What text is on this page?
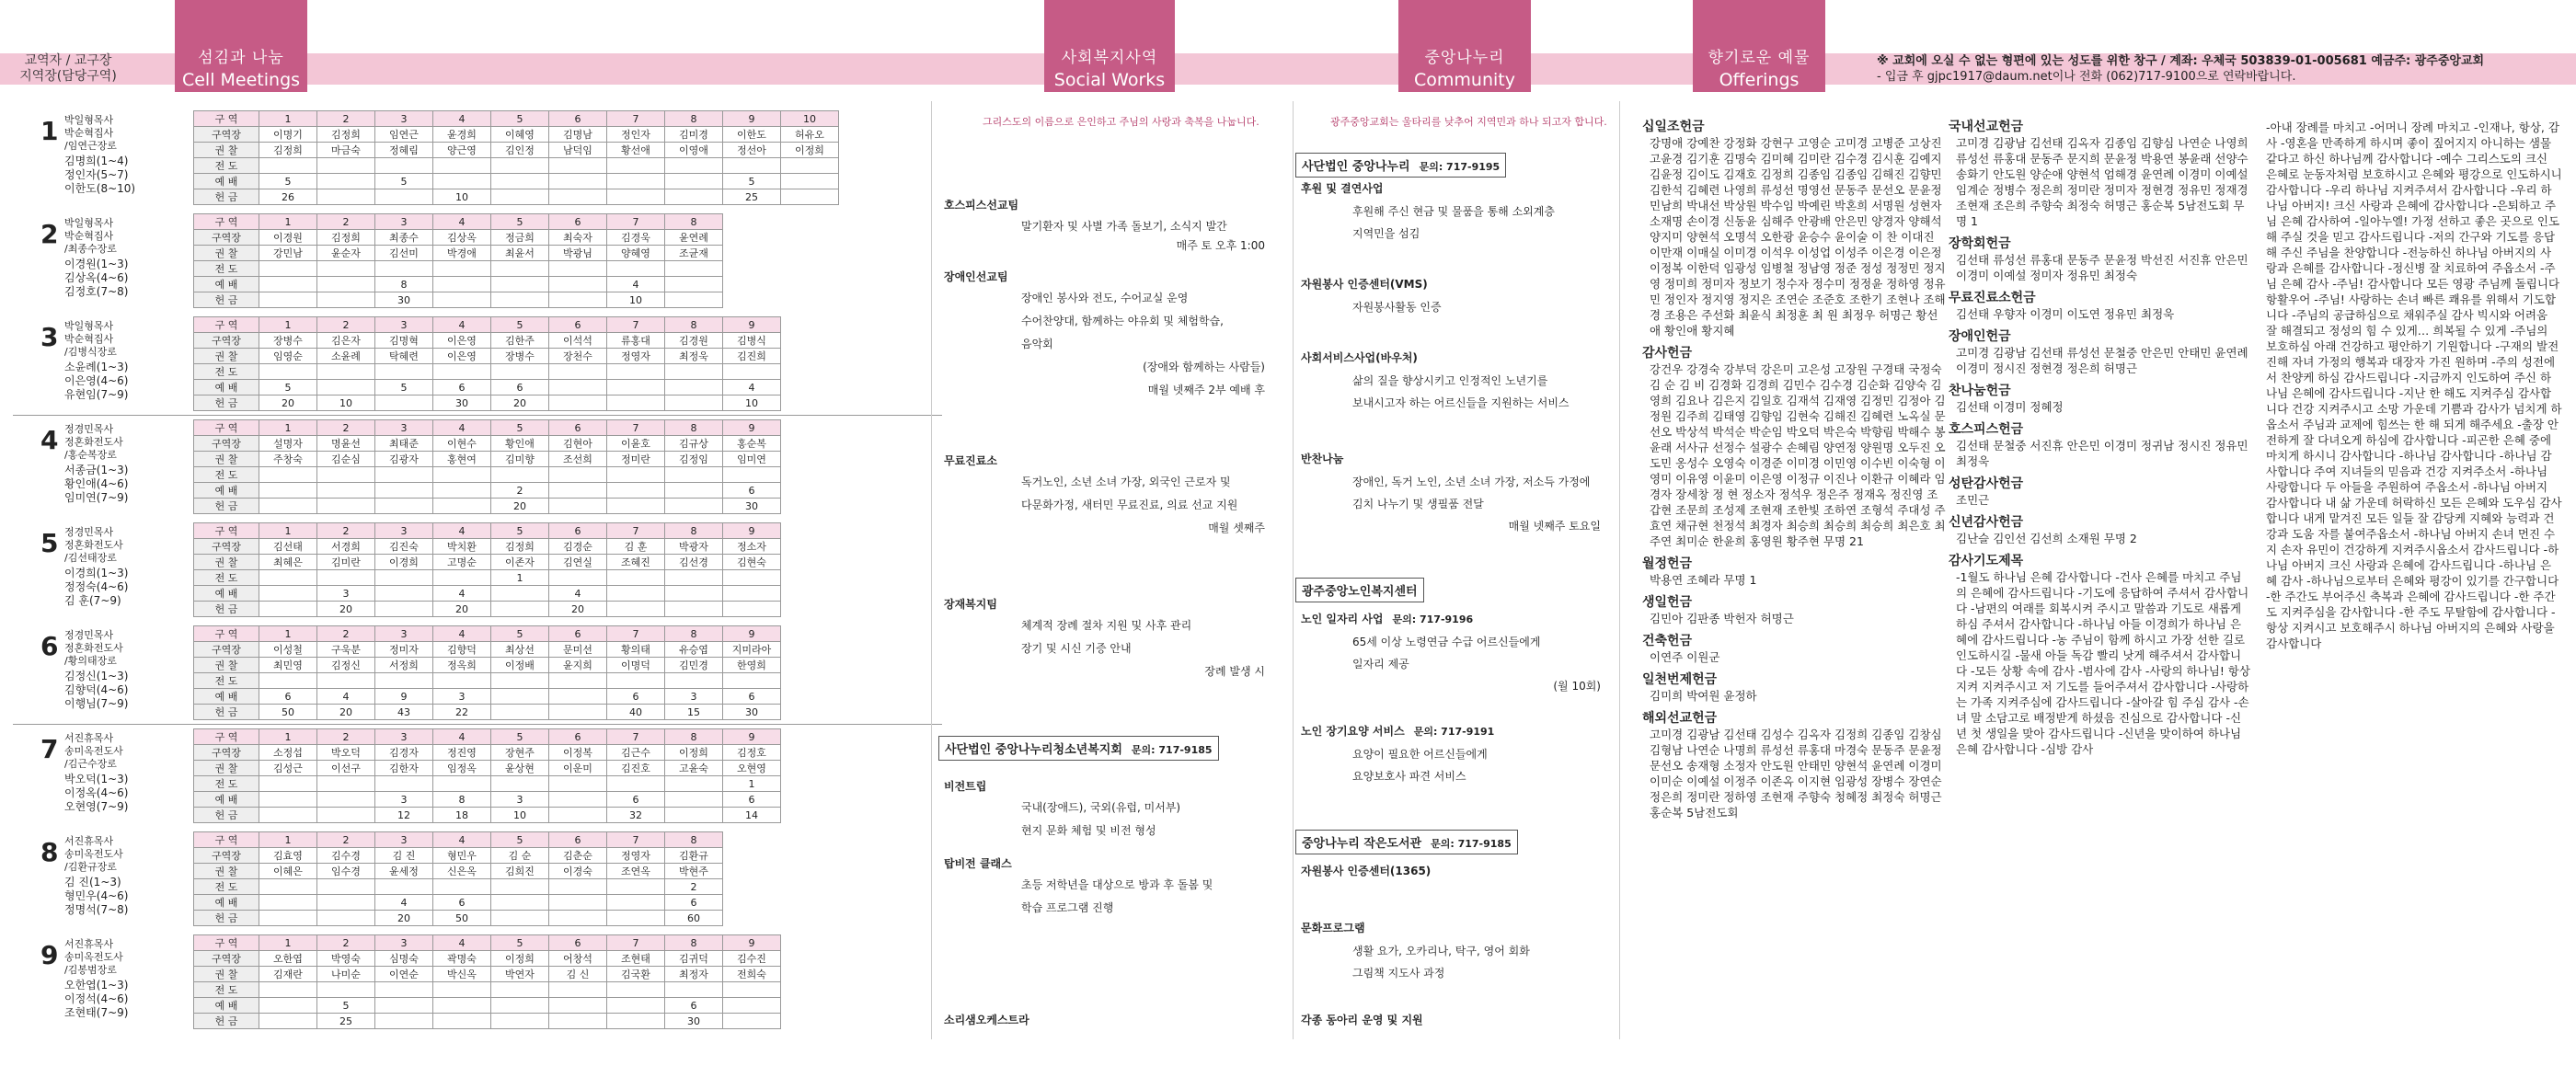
교역자 / 교구장
지역장(담당구역)
섬김과 나눔
Cell Meetings
사회복지사역
Social Works
중앙나누리
Community Center
향기로운 예물
Offerings
※ 교회에 오실 수 없는 형편에 있는 성도를 위한 창구 / 계좌: 우체국 503839-01-005681 예금주: 광주중앙교회
- 입금 후 gjpc1917@daum.net이나 전화 (062)717-9100으로 연락바랍니다.
1 박일형목사
박순혁집사
/임연근장로
김명희(1~4)
정인자(5~7)
이한도(8~10)
구 역	1	2	3	4	5	6	7	8	9	10
구역장	이명기	김정희	임연근	윤경희	이혜영	김명남	정인자	김미경	이한도	허유오
권 찰	김정희	마금숙	정혜림	양근영	김인정	남덕임	황선애	이영애	정선아	이정희
전 도										
예 배	5		5						5	
헌 금	26			10					25	
2 박일형목사
박순혁집사
/최종수장로
이경원(1~3)
김상옥(4~6)
김정호(7~8)
구 역	1	2	3	4	5	6	7	8
구역장	이경원	김정희	최종수	김상옥	정금희	최숙자	김경욱	윤연례
권 찰	강민남	윤순자	김선미	박경애	최윤서	박광님	양혜영	조균재
전 도								
예 배			8				4	
헌 금			30				10	
3 박일형목사
박순혁집사
/김병식장로
소윤례(1~3)
이은영(4~6)
유현임(7~9)
구 역	1	2	3	4	5	6	7	8	9
구역장	장병수	김은자	김명혁	이은영	김한주	이석석	류홍대	김경원	김병식
권 찰	임영순	소윤례	탁혜련	이은영	장병수	장천수	정영자	최정욱	김진희
전 도									
예 배	5		5	6	6				4
헌 금	20	10		30	20				10
4 정경민목사
정혼화전도사
/홍순복장로
서종금(1~3)
황인애(4~6)
임미연(7~9)
구 역	1	2	3	4	5	6	7	8	9
구역장	설명자	명윤선	최태준	이현수	황인애	김현아	이윤호	김규상	홍순복
권 찰	주창숙	김순심	김광자	홍현여	김미향	조선희	정미란	김정임	임미연
전 도									
예 배					2				6
헌 금					20				30
5 정경민목사
정혼화전도사
/김선태장로
이경희(1~3)
정정숙(4~6)
김 훈(7~9)
구 역	1	2	3	4	5	6	7	8	9
구역장	김선태	서경희	김진숙	박치환	김정희	김경순	김 훈	박광자	정소자
권 찰	최혜은	김미란	이경희	고명순	이존자	김연실	조혜진	김선경	김현숙
전 도					1				
예 배		3		4		4			
헌 금		20		20		20			
6 정경민목사
정혼화전도사
/황의태장로
김정신(1~3)
김향덕(4~6)
이행님(7~9)
구 역	1	2	3	4	5	6	7	8	9
구역장	이성철	구욱분	정미자	김향덕	최상선	문미선	황의태	유승엽	지미라아
권 찰	최민영	김정신	서정희	정옥희	이정배	윤지희	이명덕	김민경	한영희
전 도									
예 배	6	4	9	3			6	3	6
헌 금	50	20	43	22			40	15	30
7 서진휴목사
송미옥전도사
/김근수장로
박오덕(1~3)
이정옥(4~6)
오현영(7~9)
구 역	1	2	3	4	5	6	7	8	9
구역장	소정섭	박오덕	김경자	정진영	장현주	이정복	김근수	이정희	김정호
권 찰	김성근	이선구	김한자	임정옥	윤상현	이운미	김진호	고윤숙	오현영
전 도									1
예 배			3	8	3		6		6
헌 금			12	18	10		32		14
8 서진휴목사
송미옥전도사
/김환규장로
김 진(1~3)
형민우(4~6)
정명석(7~8)
구 역	1	2	3	4	5	6	7	8
구역장	김효영	김수경	김 진	형민우	김 순	김춘순	정영자	김환규
권 찰	이혜은	임수경	윤세정	신은옥	김희진	이경숙	조연옥	박현주
전 도								2
예 배			4	6				6
헌 금			20	50				60
9 서진휴목사
송미옥전도사
/김봉범장로
오한엽(1~3)
이정석(4~6)
조현태(7~9)
구 역	1	2	3	4	5	6	7	8	9
구역장	오한엽	박영숙	심명숙	곽명숙	이정희	어창석	조현태	김귀덕	김수진
권 찰	김재란	나미순	이연순	박신옥	박연자	김 신	김국환	최정자	전희숙
전 도									
예 배		5						6	
헌 금		25						30	
그리스도의 이름으로 은인하고 주님의 사랑과 축복을 나눕니다.
호스피스선교팀
말기환자 및 사별 가족 돌보기, 소식지 발간
매주 토 오후 1:00
장애인선교팀
장애인 봉사와 전도, 수어교실 운영
수어찬양대, 함께하는 야유회 및 체험학습,
음악회
(장애와 함께하는 사람들)
매월 넷째주 2부 예배 후
무료진료소
독거노인, 소년 소녀 가장, 외국인 근로자 및
다문화가정, 새터민 무료진료, 의료 선교 지원
매월 셋째주
장재복지팀
체계적 장례 절차 지원 및 사후 관리
장기 및 시신 기증 안내
장례 발생 시
사단법인 중앙나누리청소년복지회 문의: 717-9185
비전트립
국내(장애드), 국외(유럽, 미서부)
현지 문화 체험 및 비전 형성
탑비전 클래스
초등 저학년을 대상으로 방과 후 돌봄 및
학습 프로그램 진행
소리샘오케스트라
광주중앙교회는 울타리를 낮추어 지역민과 하나 되고자 합니다.
사단법인 중앙나누리 문의: 717-9195
후원 및 결연사업
후원해 주신 현금 및 물품을 통해 소외계층
지역민을 섬김
자원봉사 인증센터(VMS)
자원봉사활동 인증
사회서비스사업(바우처)
삶의 질을 향상시키고 인정적인 노년기를
보내시고자 하는 어르신들을 지원하는 서비스
반찬나눔
장애인, 독거 노인, 소년 소녀 가장, 저소득 가정에
김치 나누기 및 생필품 전달
매월 넷째주 토요일
광주중앙노인복지센터
노인 일자리 사업 문의: 717-9196
65세 이상 노령연금 수급 어르신들에게
일자리 제공
(월 10회)
노인 장기요양 서비스 문의: 717-9191
요양이 필요한 어르신들에게
요양보호사 파견 서비스
중앙나누리 작은도서관 문의: 717-9185
자원봉사 인증센터(1365)
문화프로그램
생활 요가, 오카리나, 탁구, 영어 회화
그림책 지도사 과정
각종 동아리 운영 및 지원
십일조헌금
강명애 강예찬 강정화 강현구 고영순 고미경 고병준 고상진 고윤경 김기훈 김명숙 김미혜 김미란 김수경 김시훈 김예지 김윤정 김이도 김재호 김정희 김종임 김종임 김해진 김향민 김한석 김혜련 나영희 류성선 명영선 문동주 문선오 문윤정 민남희 박내선 박상원 박수임 박예린 박혼희 서명원 성현자 소재명 손이경 신동윤 심해주 안광배 안은민 양경자 양해석 양지미 양현석 오명석 오한광 윤승수 윤이술 이 찬 이대진 이만재 이매실 이미경 이석우 이성업 이성주 이은경 이은정 이정복 이한덕 임광성 임병철 정남영 정준 정성 정정민 정지영 정미희 정미자 정보기 정수자 정수미 정정윤 정하영 정유민 정인자 정지영 정지은 조연순 조준호 조한기 조현나 조해경 조용은 주선화 최윤식 최정훈 최 원 최정우 허명근 황선애 황인애 황지혜
감사헌금
강건우 강경숙 강부덕 강은미 고은성 고장원 구경태 국정숙 김 순 김 비 김경화 김경희 김민수 김수경 김순화 김양숙 김영희 김요나 김은지 김일호 김재석 김재영 김정민 김정아 김정원 김주희 김태영 김향임 김현숙 김해진 김혜련 노옥실 문선오 박상석 박석순 박순임 박오덕 박은숙 박향림 박해수 봉윤래 서사규 선정수 설광수 손혜림 양연정 양원명 오두진 오도민 옹성수 오영숙 이경준 이미경 이민영 이수빈 이숙형 이영미 이유영 이윤미 이은영 이정규 이진나 이환규 이혜라 임경자 장세창 정 현 정소자 정석우 정은주 정재옥 정진영 조갑현 조문희 조성제 조현재 조한빛 조하연 조형석 주대성 주효연 채규현 천정석 최경자 최승희 최승희 최승희 최은호 최주연 최미순 한윤희 홍영원 황주현 무명 21
월정헌금
박용연 조혜라 무명 1
생일헌금
김민아 김판종 박헌자 허명근
건축헌금
이연주 이원군
일천번제헌금
김미희 박여원 윤정하
해외선교헌금
고미경 김광남 김선태 김성수 김옥자 김정희 김종임 김창심 김형남 나연순 나명희 류성선 류홍대 마경숙 문동주 문윤정 문선오 송재형 소정자 안도원 안태민 양현석 윤연례 이경미 이미순 이예설 이정주 이존옥 이지현 임광성 장병수 장연순 정은희 정미란 정하영 조현재 주향숙 청혜정 최정숙 허명근 홍순복 5남전도회
국내선교헌금
고미경 김광남 김선태 김옥자 김종임 김향심 나연순 나영희 류성선 류홍대 문동주 문지희 문윤정 박용연 봉윤래 선양수 송화기 안도원 양순애 양현석 엄해경 윤연례 이경미 이예설 임계순 정병수 정은희 정미란 정미자 정현경 정유민 정재경 조현재 조은희 주향숙 최정숙 허명근 홍순복 5남전도회 무명 1
장학회헌금
김선태 류성선 류홍대 문동주 문윤정 박선진 서진휴 안은민 이경미 이예설 정미자 정유민 최정숙
무료진료소헌금
김선태 우향자 이경미 이도연 정유민 최정욱
장애인헌금
고미경 김광남 김선태 류성선 문철중 안은민 안태민 윤연례 이경미 정시진 정현경 정은희 허명근
찬나눔헌금
김선태 이경미 정혜정
호스피스헌금
김선태 문철중 서진휴 안은민 이경미 정귀남 정시진 정유민 최정욱
성탄감사헌금
조민근
신년감사헌금
김난슬 김인선 김선희 소재원 무명 2
감사기도제목
-1월도 하나님 은혜 감사합니다 -건사 은혜를 마치고 주님의 은혜에 감사드립니다 -기도에 응답하여 주셔서 감사합니다 -남편의 여래를 회복시켜 주시고 말씀과 기도로 새롭게 하심 주셔서 감사합니다 -하나님 아들 이경희가 하나님 은혜에 감사드립니다 -농 주님이 함께 하시고 가장 선한 길로 인도하시길 -물새 아들 독감 빨리 낫게 해주셔서 감사합니다 -모든 상황 속에 감사 -범사에 감사 -사랑의 하나님! 항상 지켜 지켜주시고 저 기도를 들어주셔서 감사합니다 -사랑하는 가족 지켜주심에 감사드립니다 -살아갈 힘 주심 감사 -손녀 말 소담고로 배정받게 하셨음 진심으로 감사합니다 -신년 첫 생일을 맞아 감사드립니다 -신년을 맞이하여 하나님 은혜 감사합니다 -심방 감사
-아내 장례를 마치고 -어머니 장례 마치고 -인재나, 항상, 감사 -영혼을 만족하게 하시며 좋이 짚어지지 아니하는 샘물 같다고 하신 하나님께 감사합니다 -예수 그리스도의 크신 은혜로 눈동자처럼 보호하시고 은혜와 평강으로 인도하시니 감사합니다 -우리 하나님 지켜주셔서 감사합니다 -우리 하나님 아버지! 크신 사랑과 은혜에 감사합니다 -은퇴하고 주님 은혜 감사하여 -일아누엘! 가정 선하고 좋은 곳으로 인도해 주실 것을 믿고 감사드립니다 -저의 간구와 기도를 응답해 주신 주님을 찬양합니다 -전능하신 하나님 아버지의 사랑과 은혜를 감사합니다 -정신병 잘 치료하여 주옵소서 -주님 은혜 감사 -주님! 감사합니다 모든 영광 주님께 돌립니다 항활우어 -주님! 사랑하는 손녀 빠른 쾌유를 위해서 기도합니다 -주님의 공급하심으로 채워주실 감사 빅시와 어려움 잘 해결되고 정성의 힘 수 있게… 희복될 수 있게 -주님의 보호하심 아래 건강하고 평안하기 기원합니다 -구재의 발전 진해 자녀 가정의 행복과 대장자 가진 원하며 -주의 성전에서 찬양케 하심 감사드립니다 -지금까지 인도하여 주신 하나님 은혜에 감사드립니다 -지난 한 해도 지켜주심 감사합니다 건강 지켜주시고 소망 가운데 기쁨과 감사가 넘치게 하옵소서 주님과 교제에 힘쓰는 한 해 되게 해주세요 -출장 안전하게 잘 다녀오게 하심에 감사합니다 -피곤한 은혜 중에 마치게 하시니 감사합니다 -하나님 감사합니다 -하나님 감사합니다 주여 지녀들의 믿음과 건강 지켜주소서 -하나님 사랑합니다 두 아들을 주원하여 주옵소서 -하나님 아버지 감사합니다 내 삶 가운데 허락하신 모든 은혜와 도우심 감사합니다 내게 맡겨진 모든 일들 잘 감당케 지혜와 능력과 건강과 도움 자를 붙여주옵소서 -하나님 아버지 손녀 먼진 수지 손자 유민이 건강하게 지켜주시옵소서 감사드립니다 -하나님 아버지 크신 사랑과 은혜에 감사드립니다 -하나님 은혜 감사 -하나님으로부터 은혜와 평강이 있기를 간구합니다 -한 주간도 부어주신 축복과 은혜에 감사드립니다 -한 주간도 지켜주심을 감사합니다 -한 주도 무탈함에 감사합니다 -항상 지켜시고 보호해주시 하나님 아버지의 은혜와 사랑을 감사합니다
